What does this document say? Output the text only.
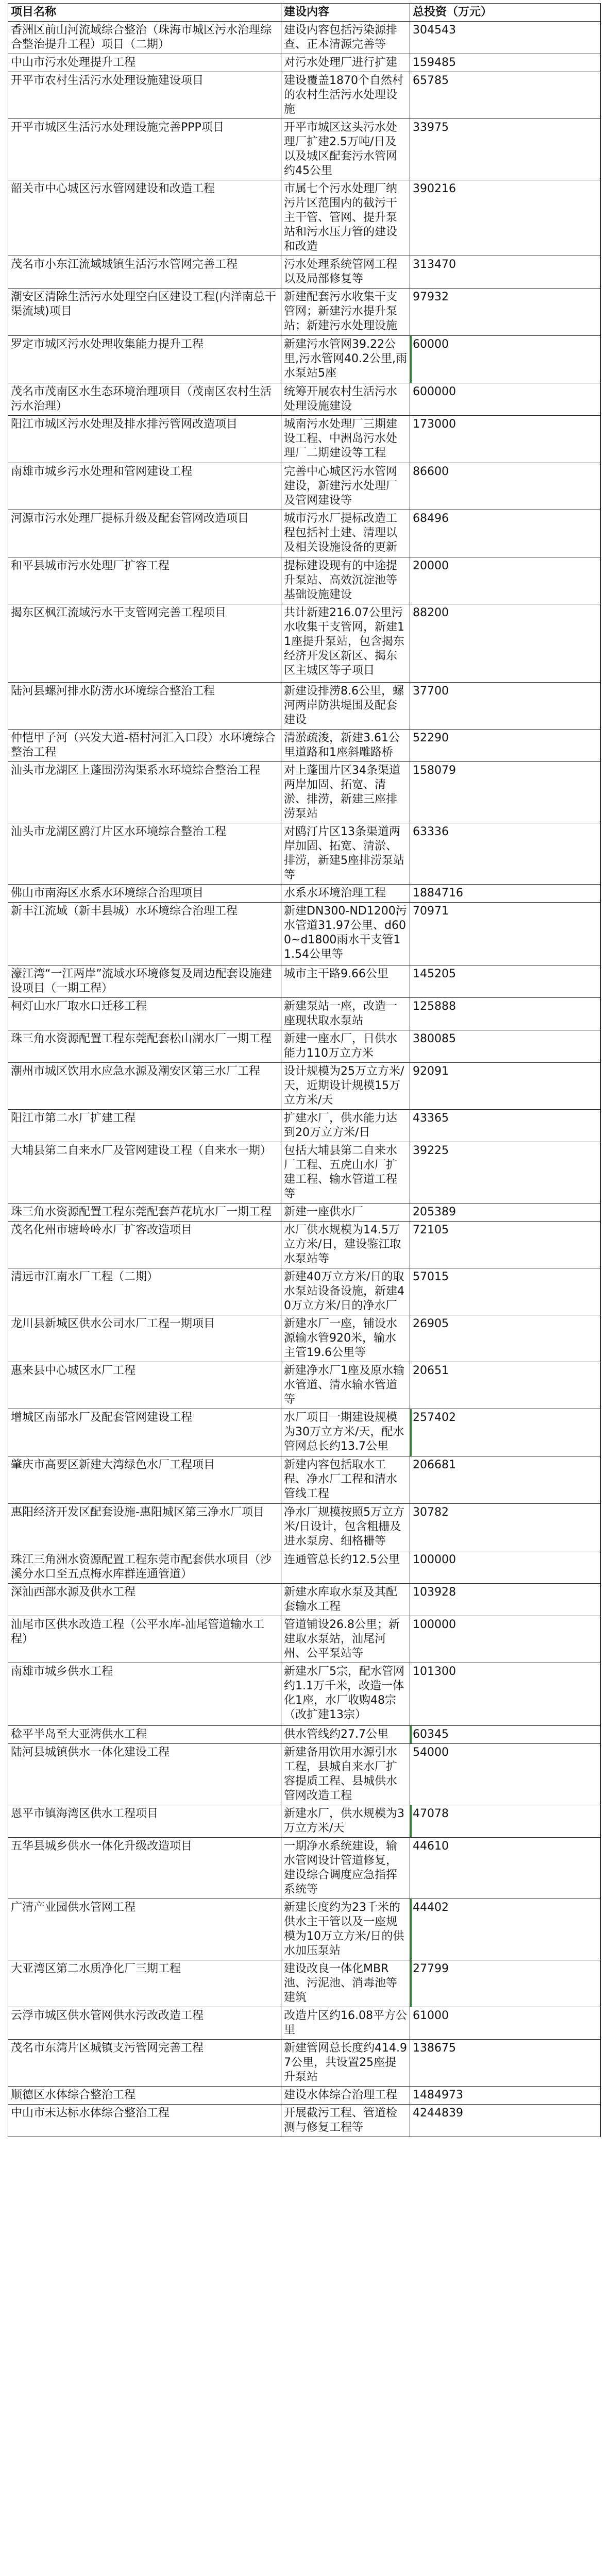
项目名称	建设内容	总投资（万元）
香洲区前山河流域综合整治（珠海市城区污水治理综合整治提升工程）项目（二期）	建设内容包括污染源排查、正本清源完善等	304543
中山市污水处理提升工程	对污水处理厂进行扩建	159485
开平市农村生活污水处理设施建设项目	建设覆盖1870个自然村的农村生活污水处理设施	65785
开平市城区生活污水处理设施完善PPP项目	开平市城区这头污水处理厂扩建2.5万吨/日及以及城区配套污水管网约45公里	33975
韶关市中心城区污水管网建设和改造工程	市属七个污水处理厂纳污片区范围内的截污干主干管、管网、提升泵站和污水压力管的建设和改造	390216
茂名市小东江流域城镇生活污水管网完善工程	污水处理系统管网工程以及局部修复等	313470
潮安区清除生活污水处理空白区建设工程(内洋南总干渠流域)项目	新建配套污水收集干支管网；新建污水提升泵站；新建污水处理设施	97932
罗定市城区污水处理收集能力提升工程	新建污水管网39.22公里,污水管网40.2公里,雨水泵站5座	60000
茂名市茂南区水生态环境治理项目（茂南区农村生活污水治理）	统筹开展农村生活污水处理设施建设	600000
阳江市城区污水处理及排水排污管网改造项目	城南污水处理厂三期建设工程、中洲岛污水处理厂二期建设等工程	173000
南雄市城乡污水处理和管网建设工程	完善中心城区污水管网建设，新建污水处理厂及管网建设等	86600
河源市污水处理厂提标升级及配套管网改造项目	城市污水厂提标改造工程包括衬土建、清理以及相关设施设备的更新	68496
和平县城市污水处理厂扩容工程	提标建设现有的中途提升泵站、高效沉淀池等基础设施建设	20000
揭东区枫江流域污水干支管网完善工程项目	共计新建216.07公里污水收集干支管网，新建11座提升泵站，包含揭东经济开发区新区、揭东区主城区等子项目	88200
陆河县螺河排水防涝水环境综合整治工程	新建设排涝8.6公里，螺河两岸防洪堤围及配套建设	37700
仲恺甲子河（兴发大道-梧村河汇入口段）水环境综合整治工程	清淤疏浚，新建3.61公里道路和1座斜雕路桥	52290
汕头市龙湖区上蓬围涝沟渠系水环境综合整治工程	对上蓬围片区34条渠道两岸加固、拓宽、清淤、排涝，新建三座排涝泵站	158079
汕头市龙湖区鸥汀片区水环境综合整治工程	对鸥汀片区13条渠道两岸加固、拓宽、清淤、排涝，新建5座排涝泵站等	63336
佛山市南海区水系水环境综合治理项目	水系水环境治理工程	1884716
新丰江流域（新丰县城）水环境综合治理工程	新建DN300-ND1200污水管道31.97公里、d600~d1800雨水干支管11.54公里等	70971
濠江湾“一江两岸”流域水环境修复及周边配套设施建设项目（一期工程）	城市主干路9.66公里	145205
柯灯山水厂取水口迁移工程	新建泵站一座，改造一座现状取水泵站	125888
珠三角水资源配置工程东莞配套松山湖水厂一期工程	新建一座水厂，日供水能力110万立方米	380085
潮州市城区饮用水应急水源及潮安区第三水厂工程	设计规模为25万立方米/天，近期设计规模15万立方米/天	92091
阳江市第二水厂扩建工程	扩建水厂，供水能力达到20万立方米/日	43365
大埔县第二自来水厂及管网建设工程（自来水一期）	包括大埔县第二自来水厂工程、五虎山水厂扩建工程、输水管道工程等	39225
珠三角水资源配置工程东莞配套芦花坑水厂一期工程	新建一座供水厂	205389
茂名化州市塘岭岭水厂扩容改造项目	水厂供水规模为14.5万立方米/日，建设鉴江取水泵站等	72105
清远市江南水厂工程（二期）	新建40万立方米/日的取水泵站设备设施，新建40万立方米/日的净水厂	57015
龙川县新城区供水公司水厂工程一期项目	新建水厂一座，铺设水源输水管920米，输水主管19.6公里等	26905
惠来县中心城区水厂工程	新建净水厂1座及原水输水管道、清水输水管道等	20651
增城区南部水厂及配套管网建设工程	水厂项目一期建设规模为30万立方米/天，配水管网总长约13.7公里	257402
肇庆市高要区新建大湾绿色水厂工程项目	新建内容包括取水工程、净水厂工程和清水管线工程	206681
惠阳经济开发区配套设施-惠阳城区第三净水厂项目	净水厂规模按照5万立方米/日设计，包含粗栅及进水泵房、细格栅等	30782
珠江三角洲水资源配置工程东莞市配套供水项目（沙溪分水口至五点梅水库群连通管道）	连通管总长约12.5公里	100000
深汕西部水源及供水工程	新建水库取水泵及其配套输水工程	103928
汕尾市区供水改造工程（公平水库-汕尾管道输水工程）	管道铺设26.8公里；新建取水泵站，汕尾河州、公平泵站等	100000
南雄市城乡供水工程	新建水厂5宗，配水管网约1.1万千米，改造一体化1座，水厂收购48宗（改扩建13宗）	101300
稔平半岛至大亚湾供水工程	供水管线约27.7公里	60345
陆河县城镇供水一体化建设工程	新建备用饮用水源引水工程，县城自来水厂扩容提质工程、县城供水管网改造工程	54000
恩平市镇海湾区供水工程项目	新建水厂，供水规模为3万立方米/天	47078
五华县城乡供水一体化升级改造项目	一期净水系统建设，输水管网设计管道修复，建设综合调度应急指挥系统等	44610
广清产业园供水管网工程	新建长度约为23千米的供水主干管以及一座规模为10万立方米/日的供水加压泵站	44402
大亚湾区第二水质净化厂三期工程	建设改良一体化MBR池、污泥池、消毒池等建筑	27799
云浮市城区供水管网供水污改改造工程	改造片区约16.08平方公里	61000
茂名市东湾片区城镇支污管网完善工程	新建管网总长度约414.97公里，共设置25座提升泵站	138675
顺德区水体综合整治工程	建设水体综合治理工程	1484973
中山市未达标水体综合整治工程	开展截污工程、管道检测与修复工程等	4244839
